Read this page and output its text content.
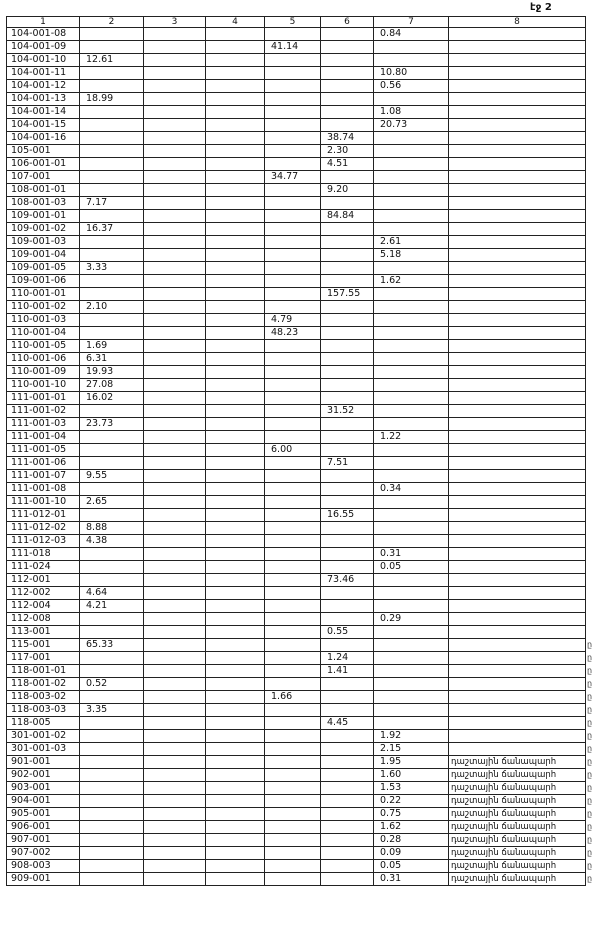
էջ 2
1	2	3	4	5	6	7	8
104-001-08						0.84	
104-001-09				41.14			
104-001-10	12.61						
104-001-11						10.80	
104-001-12						0.56	
104-001-13	18.99						
104-001-14						1.08	
104-001-15						20.73	
104-001-16					38.74		
105-001					2.30		
106-001-01					4.51		
107-001				34.77			
108-001-01					9.20		
108-001-03	7.17						
109-001-01					84.84		
109-001-02	16.37						
109-001-03						2.61	
109-001-04						5.18	
109-001-05	3.33						
109-001-06						1.62	
110-001-01					157.55		
110-001-02	2.10						
110-001-03				4.79			
110-001-04				48.23			
110-001-05	1.69						
110-001-06	6.31						
110-001-09	19.93						
110-001-10	27.08						
111-001-01	16.02						
111-001-02					31.52		
111-001-03	23.73						
111-001-04						1.22	
111-001-05				6.00			
111-001-06					7.51		
111-001-07	9.55						
111-001-08						0.34	
111-001-10	2.65						
111-012-01					16.55		
111-012-02	8.88						
111-012-03	4.38						
111-018						0.31	
111-024						0.05	
112-001					73.46		
112-002	4.64						
112-004	4.21						
112-008						0.29	
113-001					0.55		
115-001	65.33						
117-001					1.24		
118-001-01					1.41		
118-001-02	0.52						
118-003-02				1.66			
118-003-03	3.35						
118-005					4.45		
301-001-02						1.92	
301-001-03						2.15	
901-001						1.95	դաշտային ճանապարհ
902-001						1.60	դաշտային ճանապարհ
903-001						1.53	դաշտային ճանապարհ
904-001						0.22	դաշտային ճանապարհ
905-001						0.75	դաշտային ճանապարհ
906-001						1.62	դաշտային ճանապարհ
907-001						0.28	դաշտային ճանապարհ
907-002						0.09	դաշտային ճանապարհ
908-003						0.05	դաշտային ճանապարհ
909-001						0.31	դաշտային ճանապարհ
ը
ը
ը
ը
ը
ը
ը
ը
ը
ը
ը
ը
ը
ը
ը
ը
ը
ը
ը
